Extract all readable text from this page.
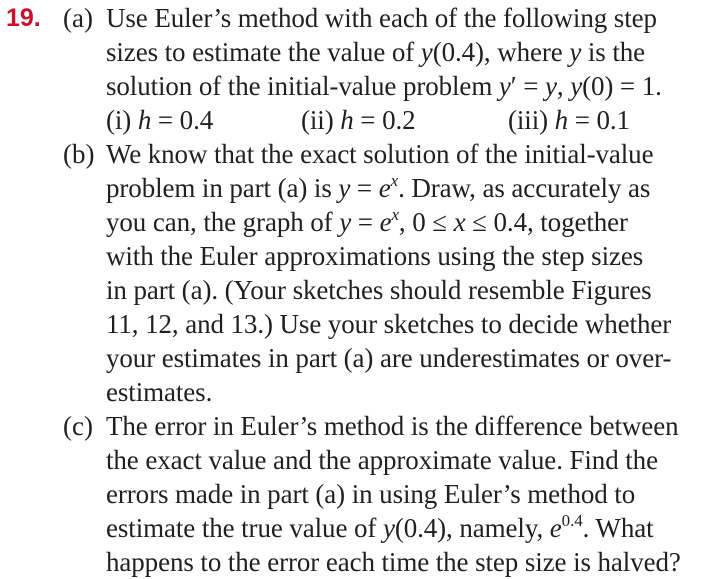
19. (a) Use Euler’s method with each of the following step
sizes to estimate the value of y(0.4), where y is the
solution of the initial-value problem y′ = y, y(0) = 1.
(i) h = 0.4	(ii) h = 0.2	(iii) h = 0.1
(b) We know that the exact solution of the initial-value
problem in part (a) is $y = e^x$. Draw, as accurately as
you can, the graph of $y = e^x$, 0 ≤ x ≤ 0.4, together
with the Euler approximations using the step sizes
in part (a). (Your sketches should resemble Figures
11, 12, and 13.) Use your sketches to decide whether
your estimates in part (a) are underestimates or over-
estimates.
(c) The error in Euler’s method is the difference between
the exact value and the approximate value. Find the
errors made in part (a) in using Euler’s method to
estimate the true value of y(0.4), namely, $e^{0.4}$. What
happens to the error each time the step size is halved?
